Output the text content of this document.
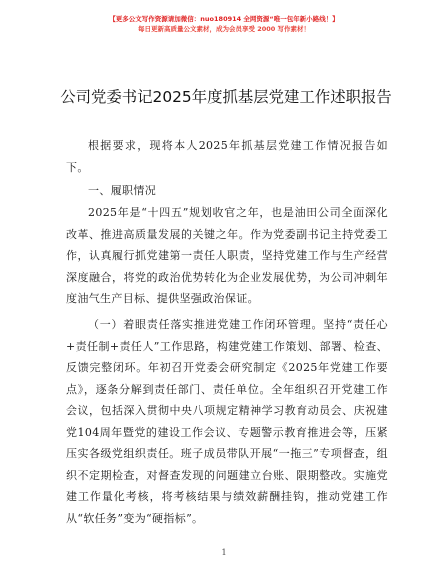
【更多公文写作资源请加微信：nuo180914 全网资源“唯一包年新小路线！】
每日更新高质量公文素材，成为会员享受 2000 写作素材！
公司党委书记2025年度抓基层党建工作述职报告
根据要求，现将本人2025年抓基层党建工作情况报告如下。
一、履职情况
2025年是“十四五”规划收官之年，也是油田公司全面深化改革、推进高质量发展的关键之年。作为党委副书记主持党委工作，认真履行抓党建第一责任人职责，坚持党建工作与生产经营深度融合，将党的政治优势转化为企业发展优势，为公司冲刺年度油气生产目标、提供坚强政治保证。
（一）着眼责任落实推进党建工作闭环管理。坚持“责任心+责任制+责任人”工作思路，构建党建工作策划、部署、检查、反馈完整闭环。年初召开党委会研究制定《2025年党建工作要点》，逐条分解到责任部门、责任单位。全年组织召开党建工作会议，包括深入贯彻中央八项规定精神学习教育动员会、庆祝建党104周年暨党的建设工作会议、专题警示教育推进会等，压紧压实各级党组织责任。班子成员带队开展“一拖三”专项督查，组织不定期检查，对督查发现的问题建立台账、限期整改。实施党建工作量化考核，将考核结果与绩效薪酬挂钩，推动党建工作从“软任务”变为“硬指标”。
1
